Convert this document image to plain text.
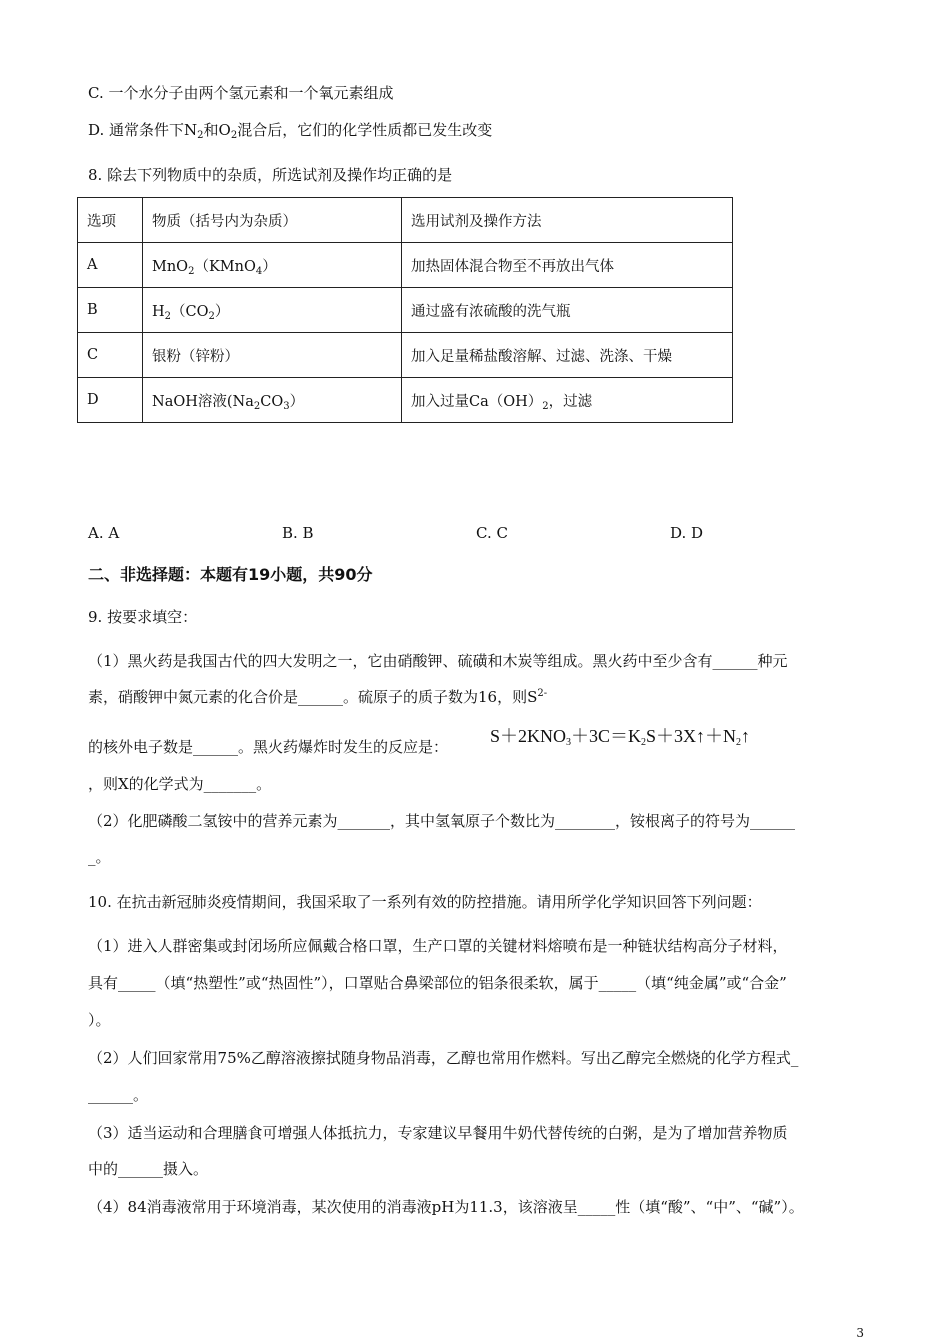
C. 一个水分子由两个氢元素和一个氧元素组成
D. 通常条件下$N_2$和$O_2$混合后，它们的化学性质都已发生改变
8. 除去下列物质中的杂质，所选试剂及操作均正确的是
选项	物质（括号内为杂质）	选用试剂及操作方法
A	MnO$_2$（KMnO$_4$）	加热固体混合物至不再放出气体
B	$H_2(CO_2)$	通过盛有浓硫酸的洗气瓶
C	银粉（锌粉）	加入足量稀盐酸溶解、过滤、洗涤、干燥
D	NaOH溶液$(Na_2CO_3)$	加入过量$Ca(OH)_2$，过滤
A. A	B. B	C. C	D. D
二、非选择题：本题有19小题，共90分
9. 按要求填空：
（1）黑火药是我国古代的四大发明之一，它由硝酸钾、硫磺和木炭等组成。黑火药中至少含有______种元
素，硝酸钾中氮元素的化合价是______。硫原子的质子数为16，则$S^{2-}$
的核外电子数是______。黑火药爆炸时发生的反应是：
$S+2KNO_3+3C=K_2S+3X↑+N_2↑$
，则X的化学式为_______。
（2）化肥磷酸二氢铵中的营养元素为_______，其中氢氧原子个数比为________，铵根离子的符号为______
_。
10. 在抗击新冠肺炎疫情期间，我国采取了一系列有效的防控措施。请用所学化学知识回答下列问题：
（1）进入人群密集或封闭场所应佩戴合格口罩，生产口罩的关键材料熔喷布是一种链状结构高分子材料，
具有_____（填“热塑性”或“热固性”），口罩贴合鼻梁部位的铝条很柔软，属于_____（填“纯金属”或“合金”
）。
（2）人们回家常用75%乙醇溶液擦拭随身物品消毒，乙醇也常用作燃料。写出乙醇完全燃烧的化学方程式_
______。
（3）适当运动和合理膳食可增强人体抵抗力，专家建议早餐用牛奶代替传统的白粥，是为了增加营养物质
中的______摄入。
（4）84消毒液常用于环境消毒，某次使用的消毒液pH为11.3，该溶液呈_____性（填“酸”、“中”、“碱”）。
3
